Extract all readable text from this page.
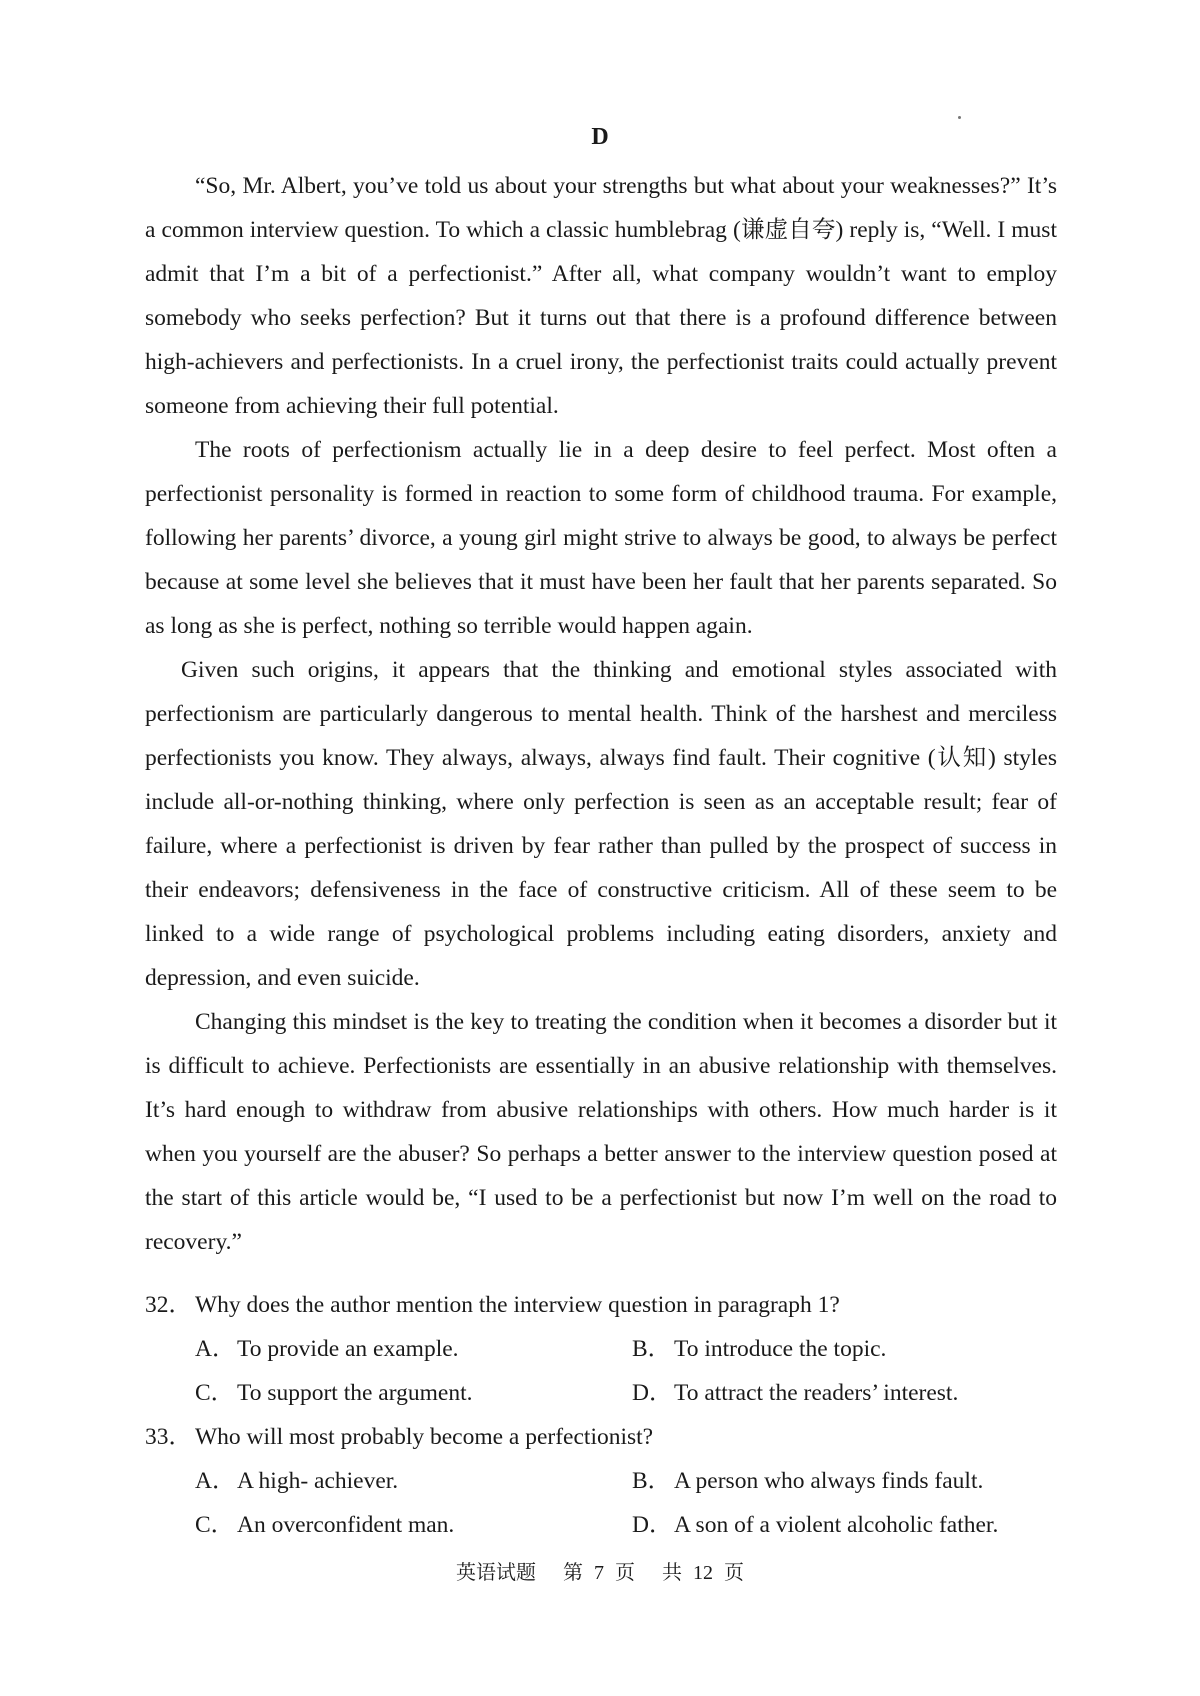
D

“So, Mr. Albert, you’ve told us about your strengths but what about your weaknesses?” It’s a common interview question. To which a classic humblebrag (谦虚自夸) reply is, “Well. I must admit that I’m a bit of a perfectionist.” After all, what company wouldn’t want to employ somebody who seeks perfection? But it turns out that there is a profound difference between high-achievers and perfectionists. In a cruel irony, the perfectionist traits could actually prevent someone from achieving their full potential.

The roots of perfectionism actually lie in a deep desire to feel perfect. Most often a perfectionist personality is formed in reaction to some form of childhood trauma. For example, following her parents’ divorce, a young girl might strive to always be good, to always be perfect because at some level she believes that it must have been her fault that her parents separated. So as long as she is perfect, nothing so terrible would happen again.

Given such origins, it appears that the thinking and emotional styles associated with perfectionism are particularly dangerous to mental health. Think of the harshest and merciless perfectionists you know. They always, always, always find fault. Their cognitive (认知) styles include all-or-nothing thinking, where only perfection is seen as an acceptable result; fear of failure, where a perfectionist is driven by fear rather than pulled by the prospect of success in their endeavors; defensiveness in the face of constructive criticism. All of these seem to be linked to a wide range of psychological problems including eating disorders, anxiety and depression, and even suicide.

Changing this mindset is the key to treating the condition when it becomes a disorder but it is difficult to achieve. Perfectionists are essentially in an abusive relationship with themselves. It’s hard enough to withdraw from abusive relationships with others. How much harder is it when you yourself are the abuser? So perhaps a better answer to the interview question posed at the start of this article would be, “I used to be a perfectionist but now I’m well on the road to recovery.”

32． Why does the author mention the interview question in paragraph 1?
A．To provide an example.	B． To introduce the topic.
C． To support the argument.	D．To attract the readers’ interest.
33． Who will most probably become a perfectionist?
A．A high- achiever.	B． A person who always finds fault.
C． An overconfident man.	D．A son of a violent alcoholic father.
英语试题 第 7 页 共 12 页
